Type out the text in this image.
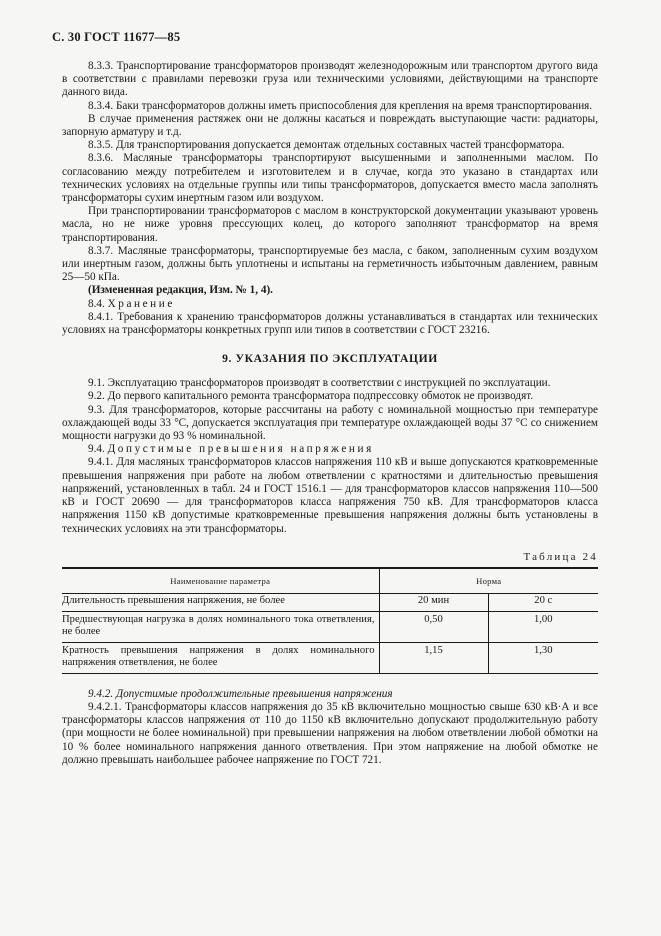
С. 30 ГОСТ 11677—85

8.3.3. Транспортирование трансформаторов производят железнодорожным или транспортом другого вида в соответствии с правилами перевозки груза или техническими условиями, действующими на транспорте данного вида.

8.3.4. Баки трансформаторов должны иметь приспособления для крепления на время транспортирования.

В случае применения растяжек они не должны касаться и повреждать выступающие части: радиаторы, запорную арматуру и т.д.

8.3.5. Для транспортирования допускается демонтаж отдельных составных частей трансформатора.

8.3.6. Масляные трансформаторы транспортируют высушенными и заполненными маслом. По согласованию между потребителем и изготовителем и в случае, когда это указано в стандартах или технических условиях на отдельные группы или типы трансформаторов, допускается вместо масла заполнять трансформаторы сухим инертным газом или воздухом.

При транспортировании трансформаторов с маслом в конструкторской документации указывают уровень масла, но не ниже уровня прессующих колец, до которого заполняют трансформатор на время транспортирования.

8.3.7. Масляные трансформаторы, транспортируемые без масла, с баком, заполненным сухим воздухом или инертным газом, должны быть уплотнены и испытаны на герметичность избыточным давлением, равным 25—50 кПа.

(Измененная редакция, Изм. № 1, 4).

8.4. Хранение

8.4.1. Требования к хранению трансформаторов должны устанавливаться в стандартах или технических условиях на трансформаторы конкретных групп или типов в соответствии с ГОСТ 23216.

9. УКАЗАНИЯ ПО ЭКСПЛУАТАЦИИ

9.1. Эксплуатацию трансформаторов производят в соответствии с инструкцией по эксплуатации.

9.2. До первого капитального ремонта трансформатора подпрессовку обмоток не производят.

9.3. Для трансформаторов, которые рассчитаны на работу с номинальной мощностью при температуре охлаждающей воды 33 °С, допускается эксплуатация при температуре охлаждающей воды 37 °С со снижением мощности нагрузки до 93 % номинальной.

9.4. Допустимые превышения напряжения

9.4.1. Для масляных трансформаторов классов напряжения 110 кВ и выше допускаются кратковременные превышения напряжения при работе на любом ответвлении с кратностями и длительностью превышения напряжений, установленных в табл. 24 и ГОСТ 1516.1 — для трансформаторов классов напряжения 110—500 кВ и ГОСТ 20690 — для трансформаторов класса напряжения 750 кВ. Для трансформаторов класса напряжения 1150 кВ допустимые кратковременные превышения напряжения должны быть установлены в технических условиях на эти трансформаторы.

Таблица 24
Наименование параметра	Норма	
Длительность превышения напряжения, не более	20 мин	20 с
Предшествующая нагрузка в долях номинального тока ответвления, не более	0,50	1,00
Кратность превышения напряжения в долях номинального напряжения ответвления, не более	1,15	1,30

9.4.2. Допустимые продолжительные превышения напряжения

9.4.2.1. Трансформаторы классов напряжения до 35 кВ включительно мощностью свыше 630 кВ·А и все трансформаторы классов напряжения от 110 до 1150 кВ включительно допускают продолжительную работу (при мощности не более номинальной) при превышении напряжения на любом ответвлении любой обмотки на 10 % более номинального напряжения данного ответвления. При этом напряжение на любой обмотке не должно превышать наибольшее рабочее напряжение по ГОСТ 721.
